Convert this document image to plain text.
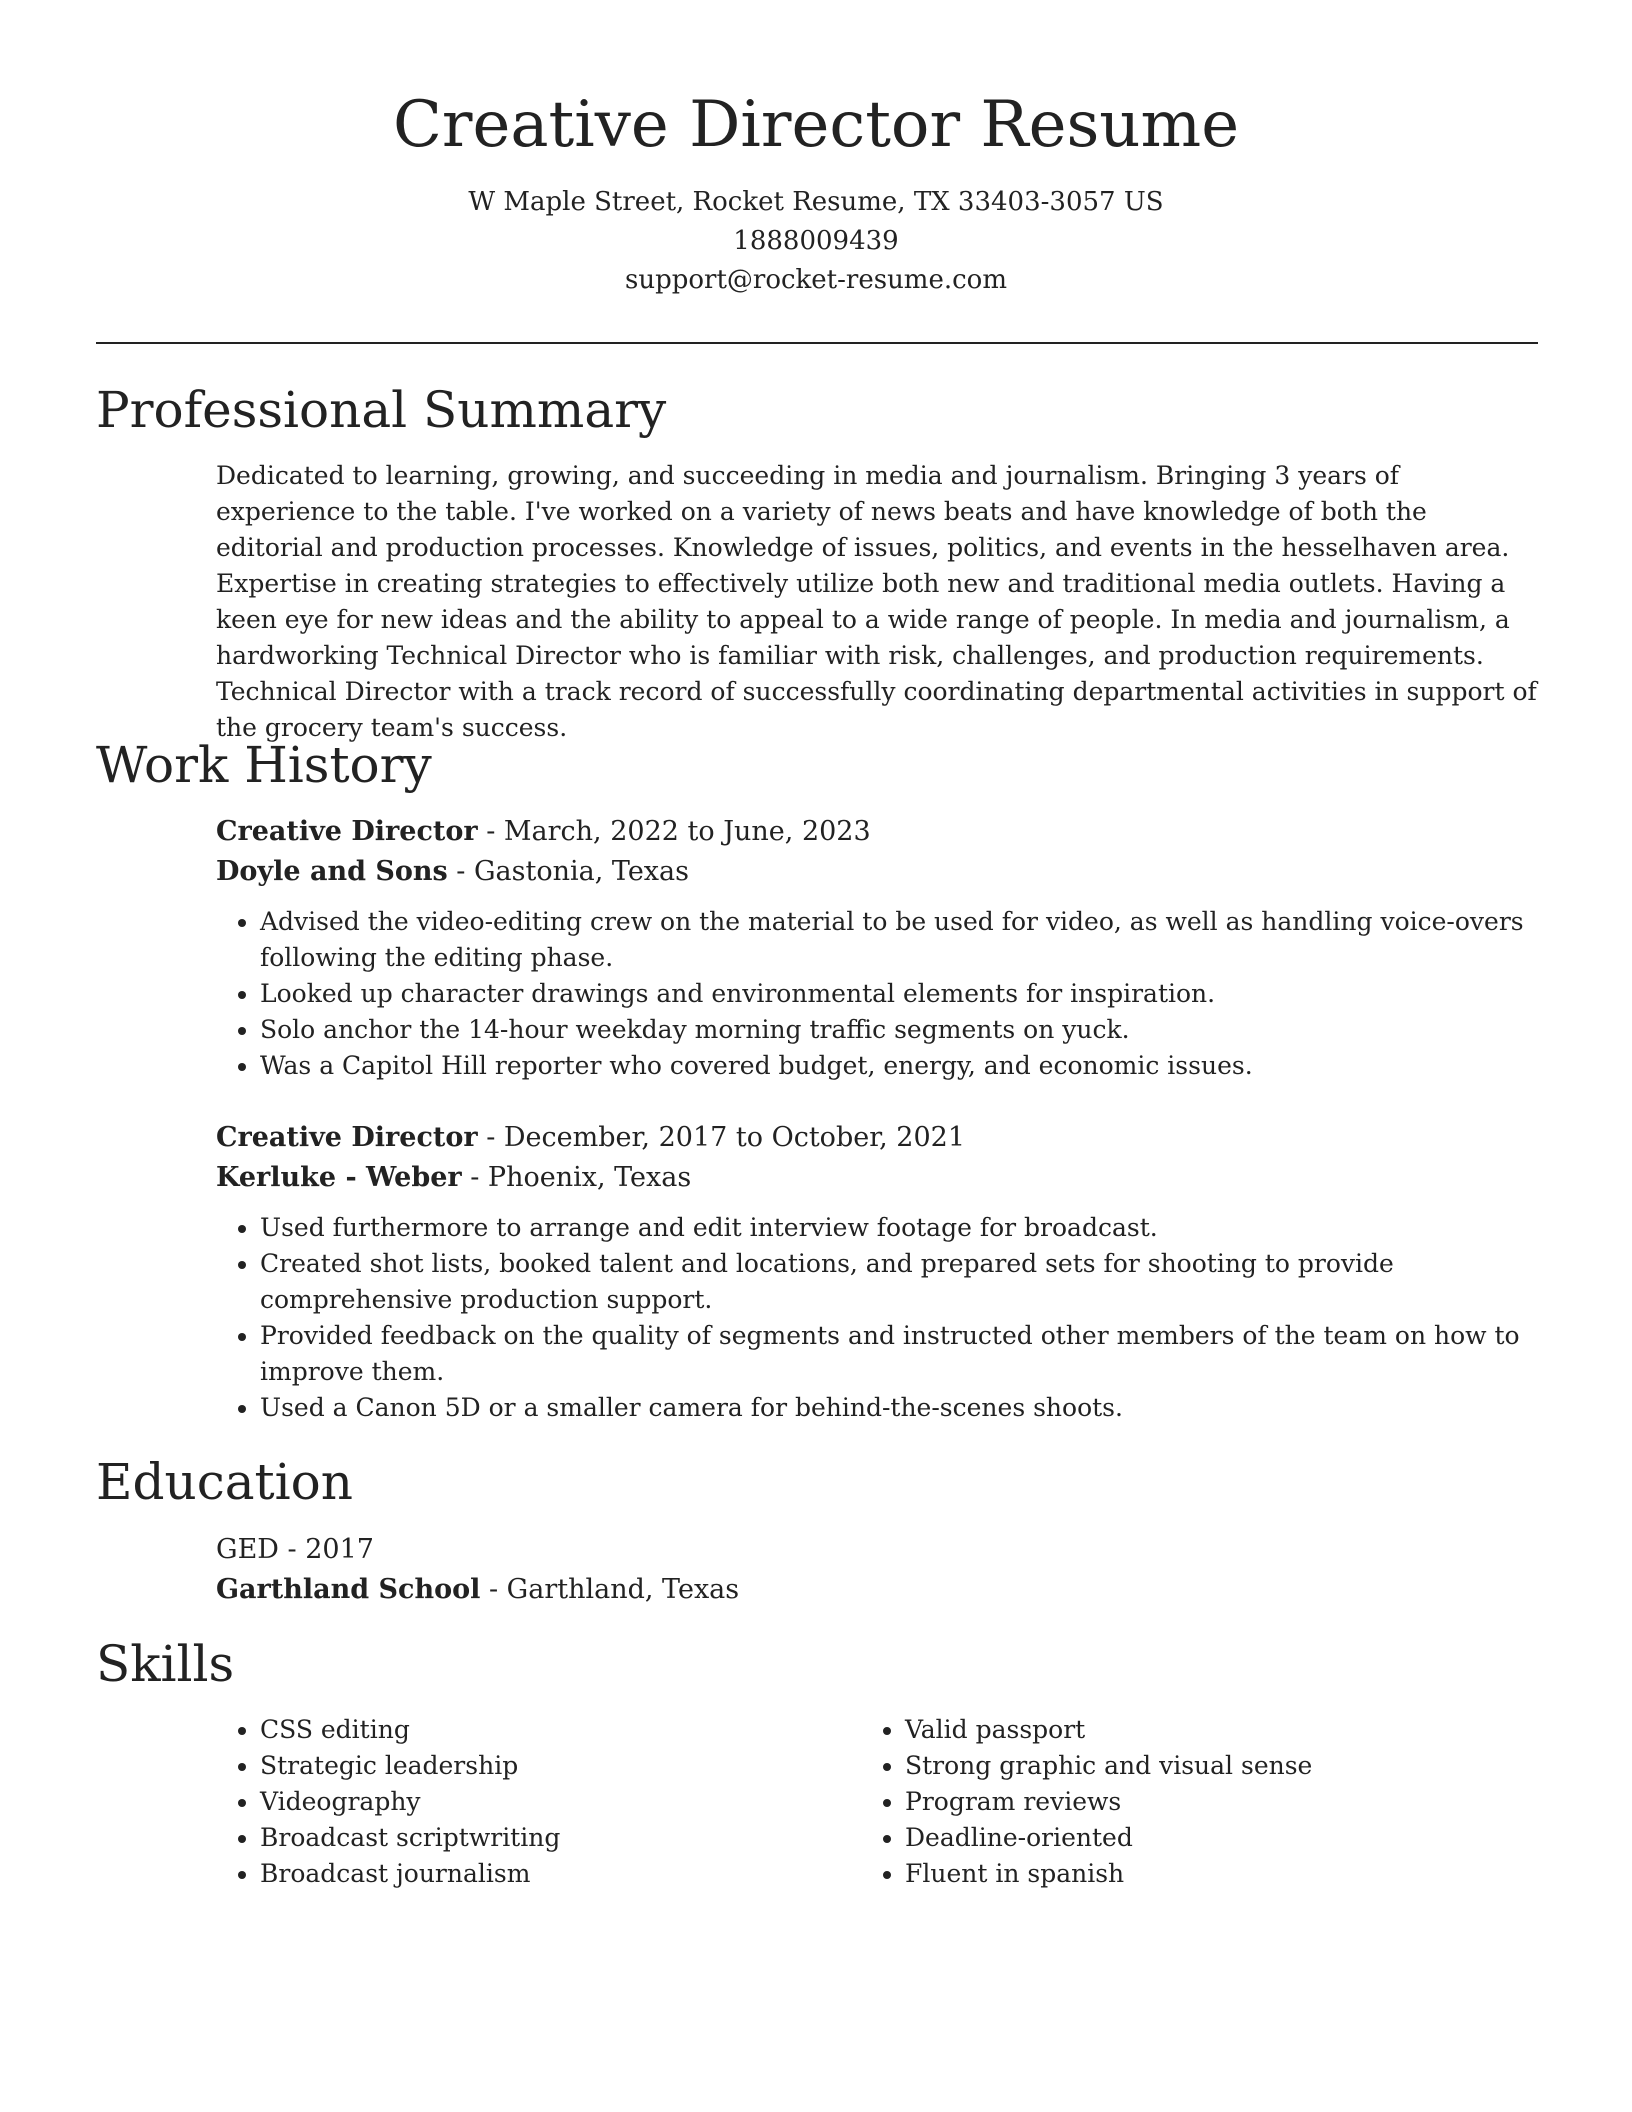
Creative Director Resume
W Maple Street, Rocket Resume, TX 33403-3057 US
1888009439
support@rocket-resume.com
Professional Summary

Dedicated to learning, growing, and succeeding in media and journalism. Bringing 3 years of experience to the table. I've worked on a variety of news beats and have knowledge of both the editorial and production processes. Knowledge of issues, politics, and events in the hesselhaven area. Expertise in creating strategies to effectively utilize both new and traditional media outlets. Having a keen eye for new ideas and the ability to appeal to a wide range of people. In media and journalism, a hardworking Technical Director who is familiar with risk, challenges, and production requirements. Technical Director with a track record of successfully coordinating departmental activities in support of the grocery team's success.

Work History

Creative Director - March, 2022 to June, 2023

Doyle and Sons - Gastonia, Texas

• Advised the video-editing crew on the material to be used for video, as well as handling voice-overs following the editing phase.
• Looked up character drawings and environmental elements for inspiration.
• Solo anchor the 14-hour weekday morning traffic segments on yuck.
• Was a Capitol Hill reporter who covered budget, energy, and economic issues.

Creative Director - December, 2017 to October, 2021

Kerluke - Weber - Phoenix, Texas

• Used furthermore to arrange and edit interview footage for broadcast.
• Created shot lists, booked talent and locations, and prepared sets for shooting to provide comprehensive production support.
• Provided feedback on the quality of segments and instructed other members of the team on how to improve them.
• Used a Canon 5D or a smaller camera for behind-the-scenes shoots.
Education

GED - 2017

Garthland School - Garthland, Texas

Skills
• CSS editing
• Strategic leadership
• Videography
• Broadcast scriptwriting
• Broadcast journalism
• Valid passport
• Strong graphic and visual sense
• Program reviews
• Deadline-oriented
• Fluent in spanish
